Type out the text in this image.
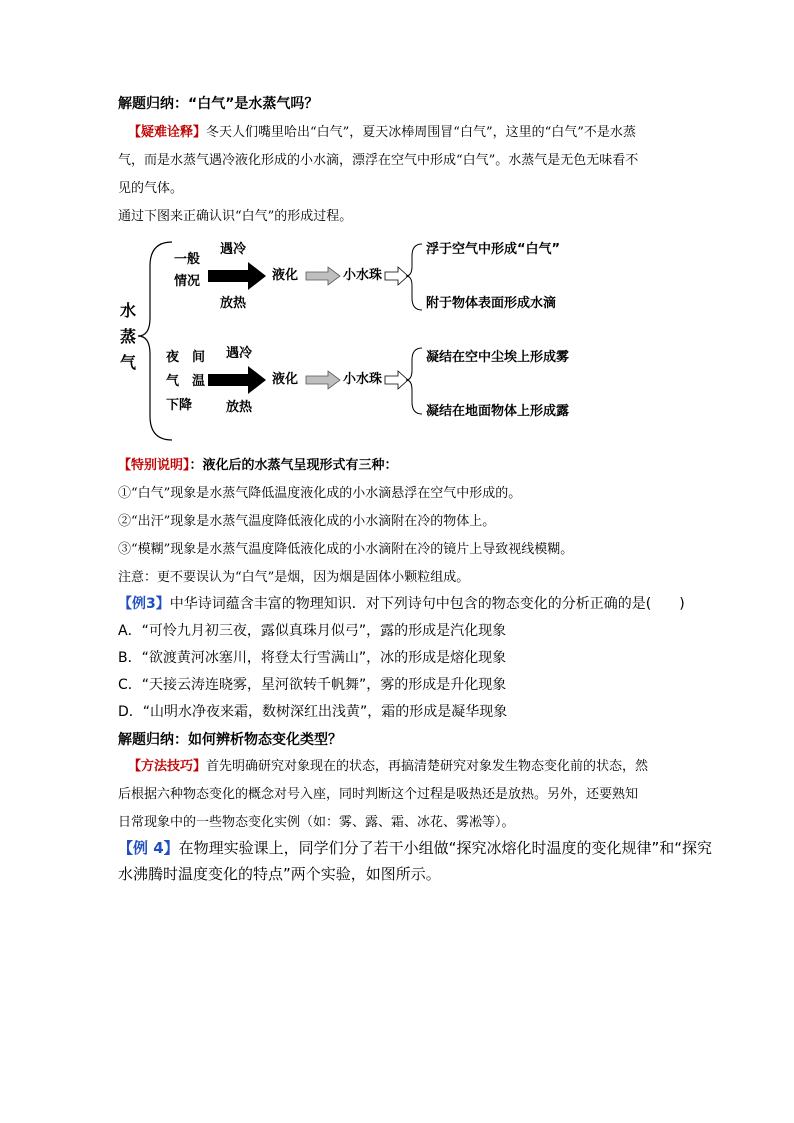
解题归纳：“白气”是水蒸气吗？
【疑难诠释】冬天人们嘴里哈出“白气”，夏天冰棒周围冒“白气”，这里的“白气”不是水蒸
气，而是水蒸气遇冷液化形成的小水滴，漂浮在空气中形成“白气”。水蒸气是无色无味看不
见的气体。
通过下图来正确认识“白气”的形成过程。
水
蒸
气
一般
情况
遇冷
放热
液化	小水珠
浮于空气中形成“白气”
附于物体表面形成水滴
夜　间
气　温
下降
遇冷
放热
液化	小水珠
凝结在空中尘埃上形成雾
凝结在地面物体上形成露
【特别说明】：液化后的水蒸气呈现形式有三种：
①“白气”现象是水蒸气降低温度液化成的小水滴悬浮在空气中形成的。
②“出汗”现象是水蒸气温度降低液化成的小水滴附在冷的物体上。
③“模糊”现象是水蒸气温度降低液化成的小水滴附在冷的镜片上导致视线模糊。
注意：更不要误认为“白气”是烟，因为烟是固体小颗粒组成。
【例3】中华诗词蕴含丰富的物理知识．对下列诗句中包含的物态变化的分析正确的是(　　)
A．“可怜九月初三夜，露似真珠月似弓”，露的形成是汽化现象
B．“欲渡黄河冰塞川，将登太行雪满山”，冰的形成是熔化现象
C．“天接云涛连晓雾，星河欲转千帆舞”，雾的形成是升化现象
D．“山明水净夜来霜，数树深红出浅黄”，霜的形成是凝华现象
解题归纳：如何辨析物态变化类型？
【方法技巧】首先明确研究对象现在的状态，再搞清楚研究对象发生物态变化前的状态，然
后根据六种物态变化的概念对号入座，同时判断这个过程是吸热还是放热。另外，还要熟知
日常现象中的一些物态变化实例（如：雾、露、霜、冰花、雾凇等）。
【例 4】在物理实验课上，同学们分了若干小组做“探究冰熔化时温度的变化规律”和“探究
水沸腾时温度变化的特点”两个实验，如图所示。
